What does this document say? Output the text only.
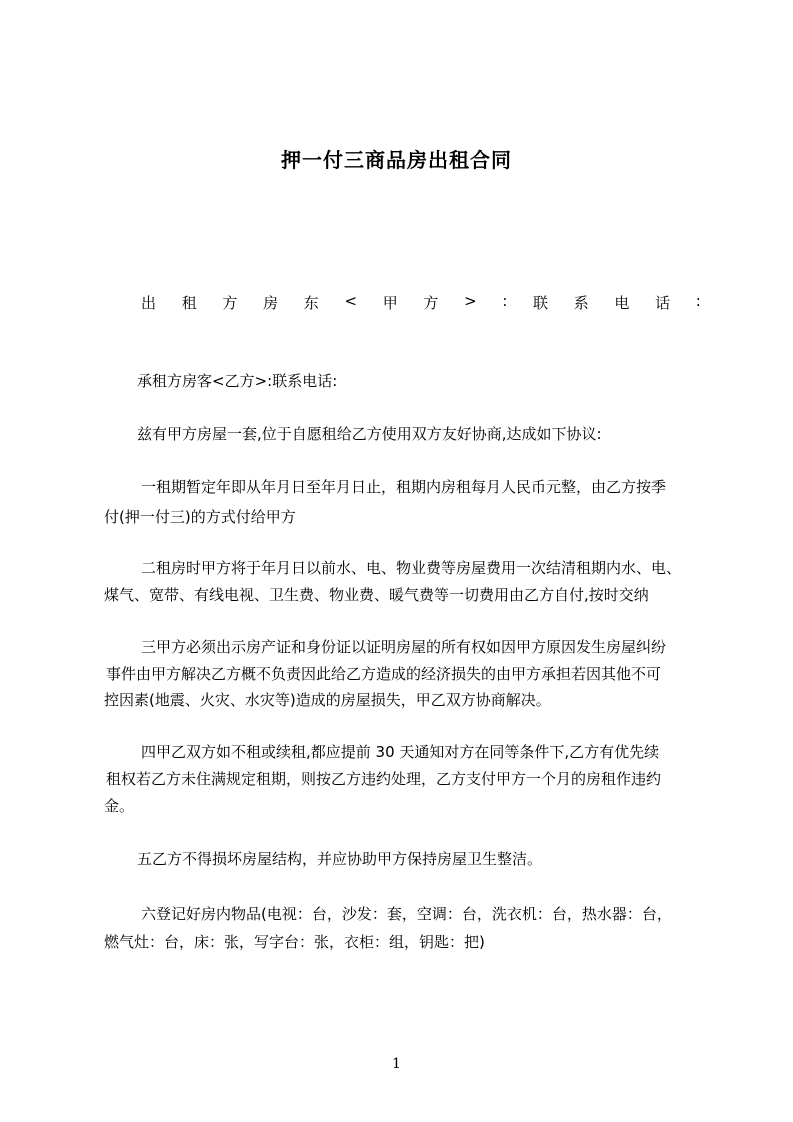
押一付三商品房出租合同
出 租 方 房 东 < 甲 方 > : 联 系 电 话 :
承租方房客<乙方>:联系电话:
兹有甲方房屋一套,位于自愿租给乙方使用双方友好协商,达成如下协议:
一租期暂定年即从年月日至年月日止，租期内房租每月人民币元整，由乙方按季
付(押一付三)的方式付给甲方
二租房时甲方将于年月日以前水、电、物业费等房屋费用一次结清租期内水、电、
煤气、宽带、有线电视、卫生费、物业费、暖气费等一切费用由乙方自付,按时交纳
三甲方必须出示房产证和身份证以证明房屋的所有权如因甲方原因发生房屋纠纷
事件由甲方解决乙方概不负责因此给乙方造成的经济损失的由甲方承担若因其他不可
控因素(地震、火灾、水灾等)造成的房屋损失，甲乙双方协商解决。
四甲乙双方如不租或续租,都应提前 30 天通知对方在同等条件下,乙方有优先续
租权若乙方未住满规定租期，则按乙方违约处理，乙方支付甲方一个月的房租作违约
金。
五乙方不得损坏房屋结构，并应协助甲方保持房屋卫生整洁。
六登记好房内物品(电视：台，沙发：套，空调：台，洗衣机：台，热水器：台，
燃气灶：台，床：张，写字台：张，衣柜：组，钥匙：把)
1
